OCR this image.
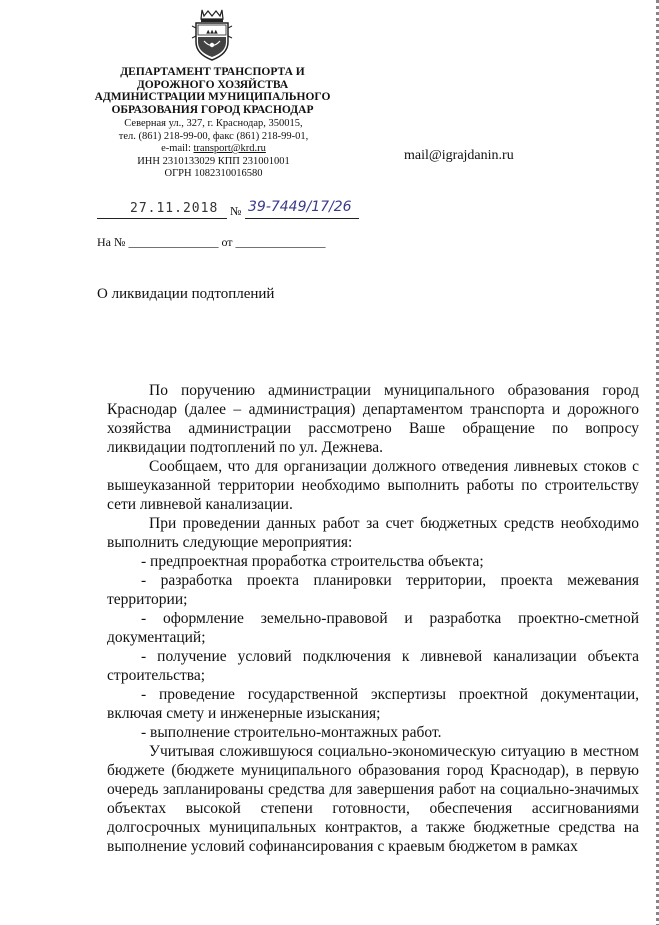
▲▲▲
ДЕПАРТАМЕНТ ТРАНСПОРТА И
ДОРОЖНОГО ХОЗЯЙСТВА
АДМИНИСТРАЦИИ МУНИЦИПАЛЬНОГО
ОБРАЗОВАНИЯ ГОРОД КРАСНОДАР
Северная ул., 327, г. Краснодар, 350015,
тел. (861) 218-99-00, факс (861) 218-99-01,
e-mail: transport@krd.ru
ИНН 2310133029 КПП 231001001
ОГРН 1082310016580
mail@igrajdanin.ru
27.11.2018 № 39-7449/17/26
На № _______________ от _______________
О ликвидации подтоплений

По поручению администрации муниципального образования город Краснодар (далее – администрация) департаментом транспорта и дорожного хозяйства администрации рассмотрено Ваше обращение по вопросу ликвидации подтоплений по ул. Дежнева.

Сообщаем, что для организации должного отведения ливневых стоков с вышеуказанной территории необходимо выполнить работы по строительству сети ливневой канализации.

При проведении данных работ за счет бюджетных средств необходимо выполнить следующие мероприятия:

- предпроектная проработка строительства объекта;

- разработка проекта планировки территории, проекта межевания территории;

- оформление земельно-правовой и разработка проектно-сметной документаций;

- получение условий подключения к ливневой канализации объекта строительства;

- проведение государственной экспертизы проектной документации, включая смету и инженерные изыскания;

- выполнение строительно-монтажных работ.

Учитывая сложившуюся социально-экономическую ситуацию в местном бюджете (бюджете муниципального образования город Краснодар), в первую очередь запланированы средства для завершения работ на социально-значимых объектах высокой степени готовности, обеспечения ассигнованиями долгосрочных муниципальных контрактов, а также бюджетные средства на выполнение условий софинансирования с краевым бюджетом в рамках
